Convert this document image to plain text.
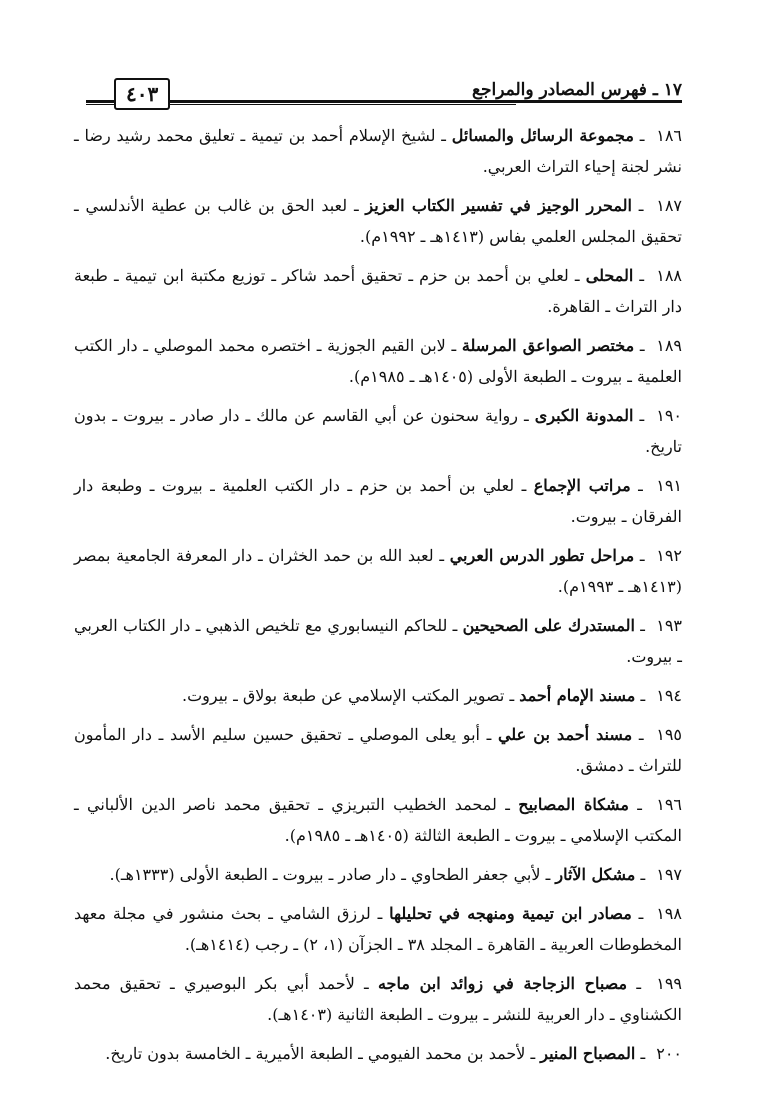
١٧ ـ فهرس المصادر والمراجع
٤٠٣
١٨٦ ـ مجموعة الرسائل والمسائل ـ لشيخ الإسلام أحمد بن تيمية ـ تعليق محمد رشيد رضا ـ نشر لجنة إحياء التراث العربي.
١٨٧ ـ المحرر الوجيز في تفسير الكتاب العزيز ـ لعبد الحق بن غالب بن عطية الأندلسي ـ تحقيق المجلس العلمي بفاس (١٤١٣هـ ـ ١٩٩٢م).
١٨٨ ـ المحلى ـ لعلي بن أحمد بن حزم ـ تحقيق أحمد شاكر ـ توزيع مكتبة ابن تيمية ـ طبعة دار التراث ـ القاهرة.
١٨٩ ـ مختصر الصواعق المرسلة ـ لابن القيم الجوزية ـ اختصره محمد الموصلي ـ دار الكتب العلمية ـ بيروت ـ الطبعة الأولى (١٤٠٥هـ ـ ١٩٨٥م).
١٩٠ ـ المدونة الكبرى ـ رواية سحنون عن أبي القاسم عن مالك ـ دار صادر ـ بيروت ـ بدون تاريخ.
١٩١ ـ مراتب الإجماع ـ لعلي بن أحمد بن حزم ـ دار الكتب العلمية ـ بيروت ـ وطبعة دار الفرقان ـ بيروت.
١٩٢ ـ مراحل تطور الدرس العربي ـ لعبد الله بن حمد الخثران ـ دار المعرفة الجامعية بمصر (١٤١٣هـ ـ ١٩٩٣م).
١٩٣ ـ المستدرك على الصحيحين ـ للحاكم النيسابوري مع تلخيص الذهبي ـ دار الكتاب العربي ـ بيروت.
١٩٤ ـ مسند الإمام أحمد ـ تصوير المكتب الإسلامي عن طبعة بولاق ـ بيروت.
١٩٥ ـ مسند أحمد بن علي ـ أبو يعلى الموصلي ـ تحقيق حسين سليم الأسد ـ دار المأمون للتراث ـ دمشق.
١٩٦ ـ مشكاة المصابيح ـ لمحمد الخطيب التبريزي ـ تحقيق محمد ناصر الدين الألباني ـ المكتب الإسلامي ـ بيروت ـ الطبعة الثالثة (١٤٠٥هـ ـ ١٩٨٥م).
١٩٧ ـ مشكل الآثار ـ لأبي جعفر الطحاوي ـ دار صادر ـ بيروت ـ الطبعة الأولى (١٣٣٣هـ).
١٩٨ ـ مصادر ابن تيمية ومنهجه في تحليلها ـ لرزق الشامي ـ بحث منشور في مجلة معهد المخطوطات العربية ـ القاهرة ـ المجلد ٣٨ ـ الجزآن (١، ٢) ـ رجب (١٤١٤هـ).
١٩٩ ـ مصباح الزجاجة في زوائد ابن ماجه ـ لأحمد أبي بكر البوصيري ـ تحقيق محمد الكشناوي ـ دار العربية للنشر ـ بيروت ـ الطبعة الثانية (١٤٠٣هـ).
٢٠٠ ـ المصباح المنير ـ لأحمد بن محمد الفيومي ـ الطبعة الأميرية ـ الخامسة بدون تاريخ.
